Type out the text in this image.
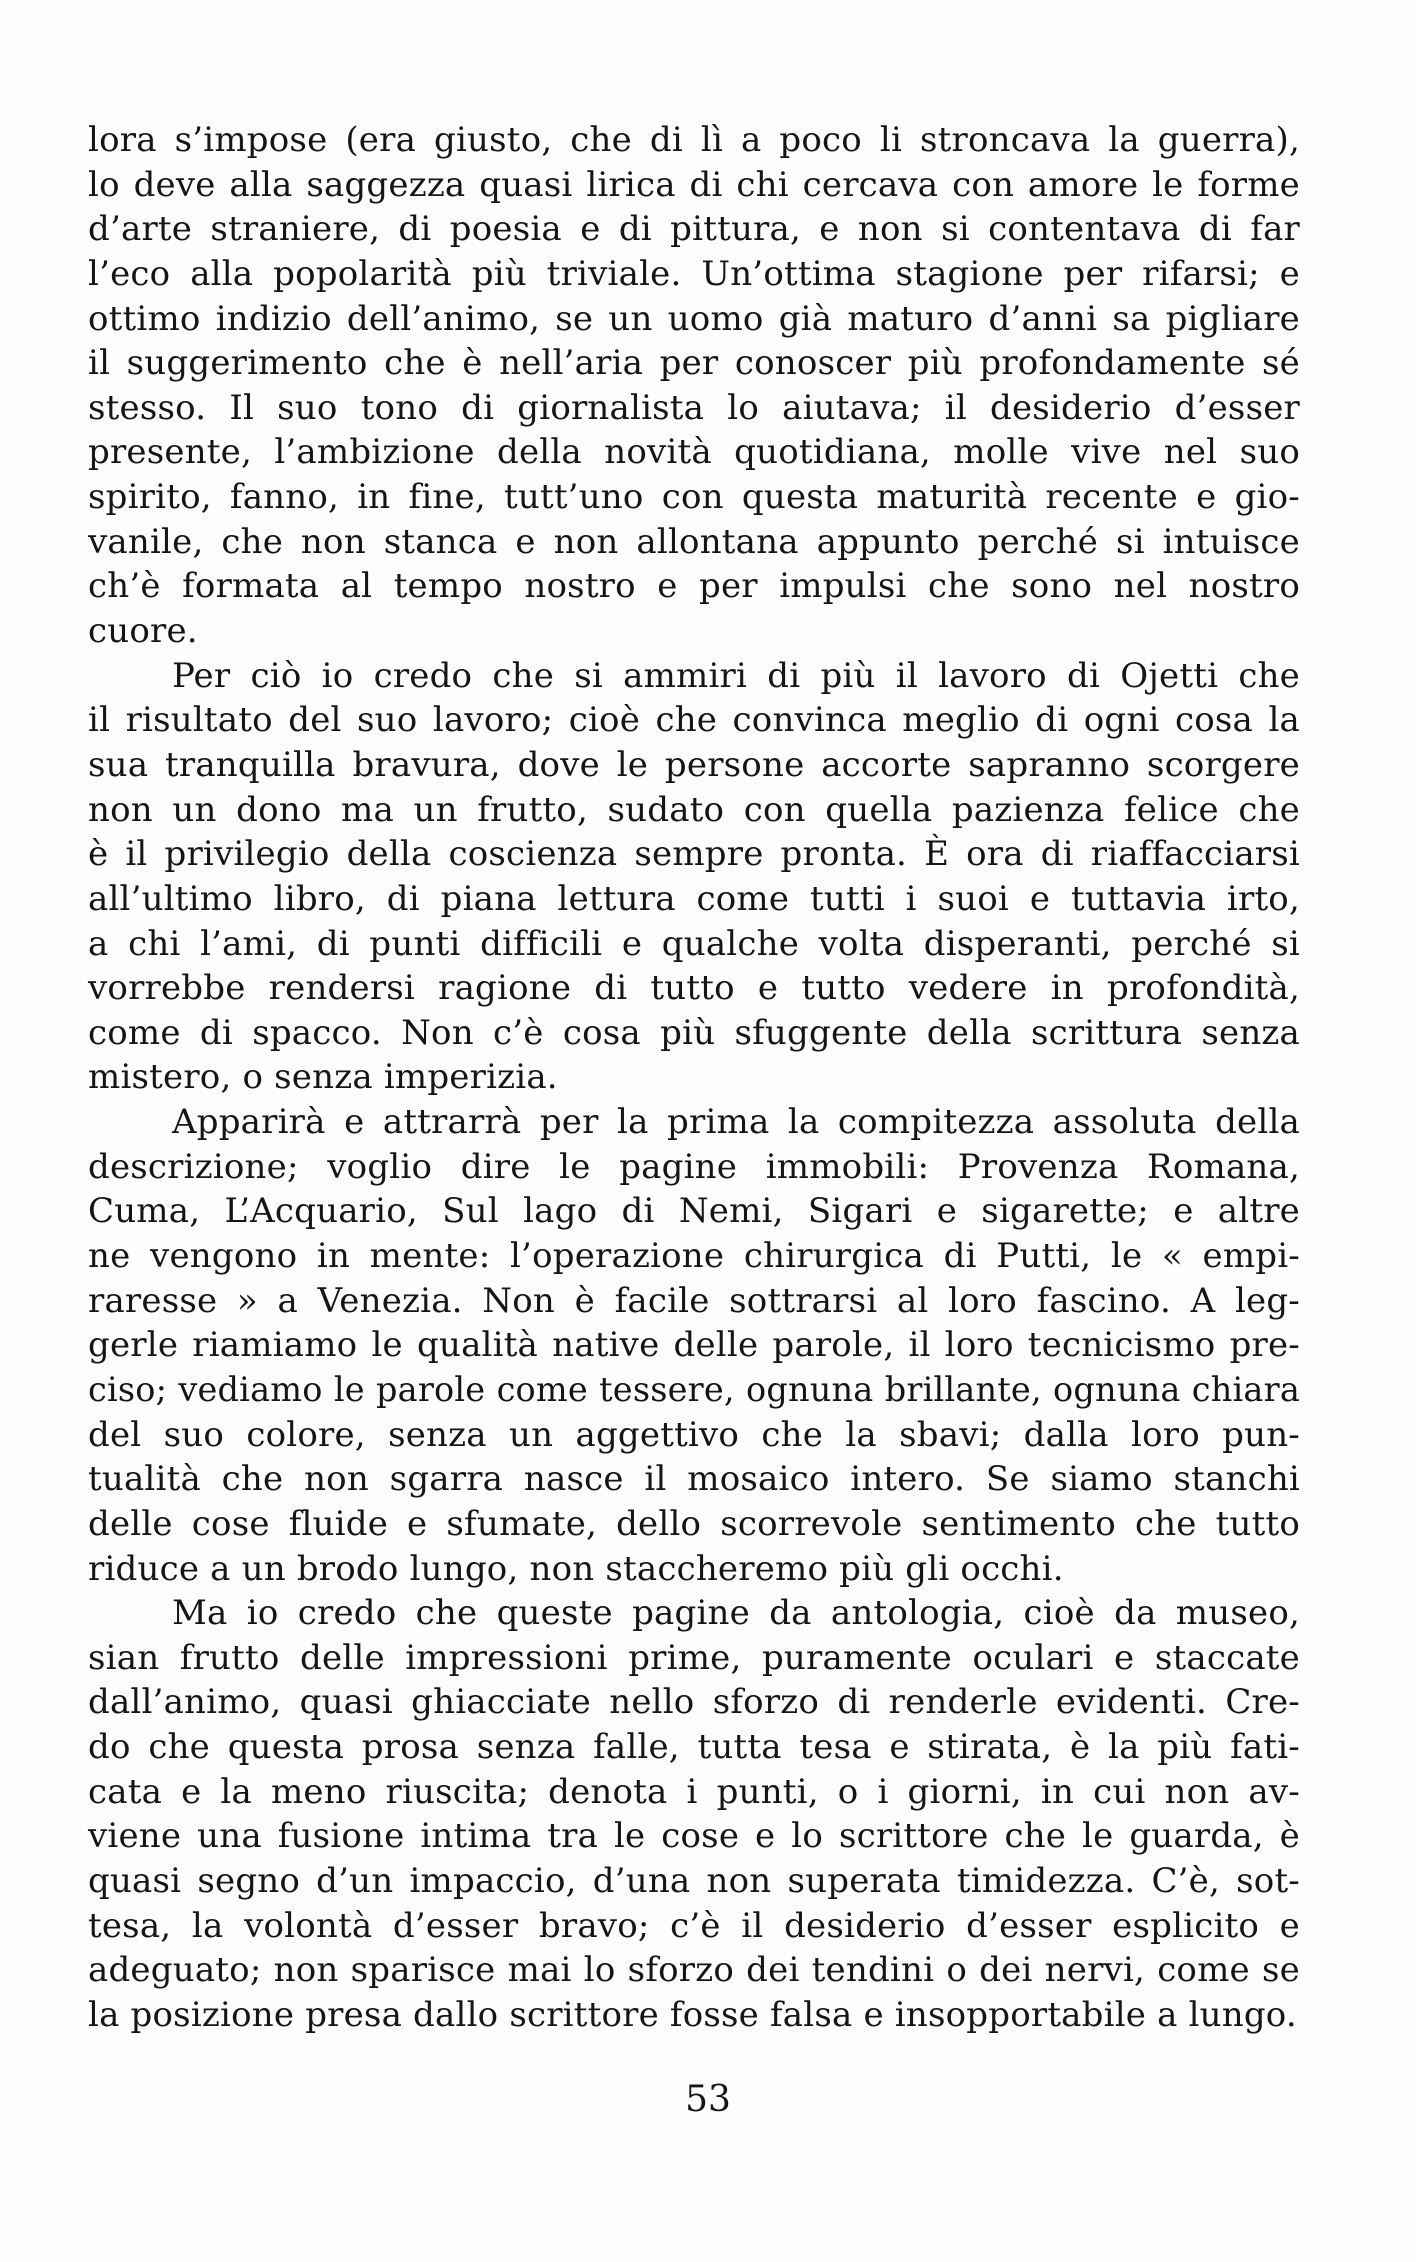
lora s’impose (era giusto, che di lì a poco li stroncava la guerra),
lo deve alla saggezza quasi lirica di chi cercava con amore le forme
d’arte straniere, di poesia e di pittura, e non si contentava di far
l’eco alla popolarità più triviale. Un’ottima stagione per rifarsi; e
ottimo indizio dell’animo, se un uomo già maturo d’anni sa pigliare
il suggerimento che è nell’aria per conoscer più profondamente sé
stesso. Il suo tono di giornalista lo aiutava; il desiderio d’esser
presente, l’ambizione della novità quotidiana, molle vive nel suo
spirito, fanno, in fine, tutt’uno con questa maturità recente e gio-
vanile, che non stanca e non allontana appunto perché si intuisce
ch’è formata al tempo nostro e per impulsi che sono nel nostro
cuore.
Per ciò io credo che si ammiri di più il lavoro di Ojetti che
il risultato del suo lavoro; cioè che convinca meglio di ogni cosa la
sua tranquilla bravura, dove le persone accorte sapranno scorgere
non un dono ma un frutto, sudato con quella pazienza felice che
è il privilegio della coscienza sempre pronta. È ora di riaffacciarsi
all’ultimo libro, di piana lettura come tutti i suoi e tuttavia irto,
a chi l’ami, di punti difficili e qualche volta disperanti, perché si
vorrebbe rendersi ragione di tutto e tutto vedere in profondità,
come di spacco. Non c’è cosa più sfuggente della scrittura senza
mistero, o senza imperizia.
Apparirà e attrarrà per la prima la compitezza assoluta della
descrizione; voglio dire le pagine immobili: Provenza Romana,
Cuma, L’Acquario, Sul lago di Nemi, Sigari e sigarette; e altre
ne vengono in mente: l’operazione chirurgica di Putti, le « empi-
raresse » a Venezia. Non è facile sottrarsi al loro fascino. A leg-
gerle riamiamo le qualità native delle parole, il loro tecnicismo pre-
ciso; vediamo le parole come tessere, ognuna brillante, ognuna chiara
del suo colore, senza un aggettivo che la sbavi; dalla loro pun-
tualità che non sgarra nasce il mosaico intero. Se siamo stanchi
delle cose fluide e sfumate, dello scorrevole sentimento che tutto
riduce a un brodo lungo, non staccheremo più gli occhi.
Ma io credo che queste pagine da antologia, cioè da museo,
sian frutto delle impressioni prime, puramente oculari e staccate
dall’animo, quasi ghiacciate nello sforzo di renderle evidenti. Cre-
do che questa prosa senza falle, tutta tesa e stirata, è la più fati-
cata e la meno riuscita; denota i punti, o i giorni, in cui non av-
viene una fusione intima tra le cose e lo scrittore che le guarda, è
quasi segno d’un impaccio, d’una non superata timidezza. C’è, sot-
tesa, la volontà d’esser bravo; c’è il desiderio d’esser esplicito e
adeguato; non sparisce mai lo sforzo dei tendini o dei nervi, come se
la posizione presa dallo scrittore fosse falsa e insopportabile a lungo.
53
